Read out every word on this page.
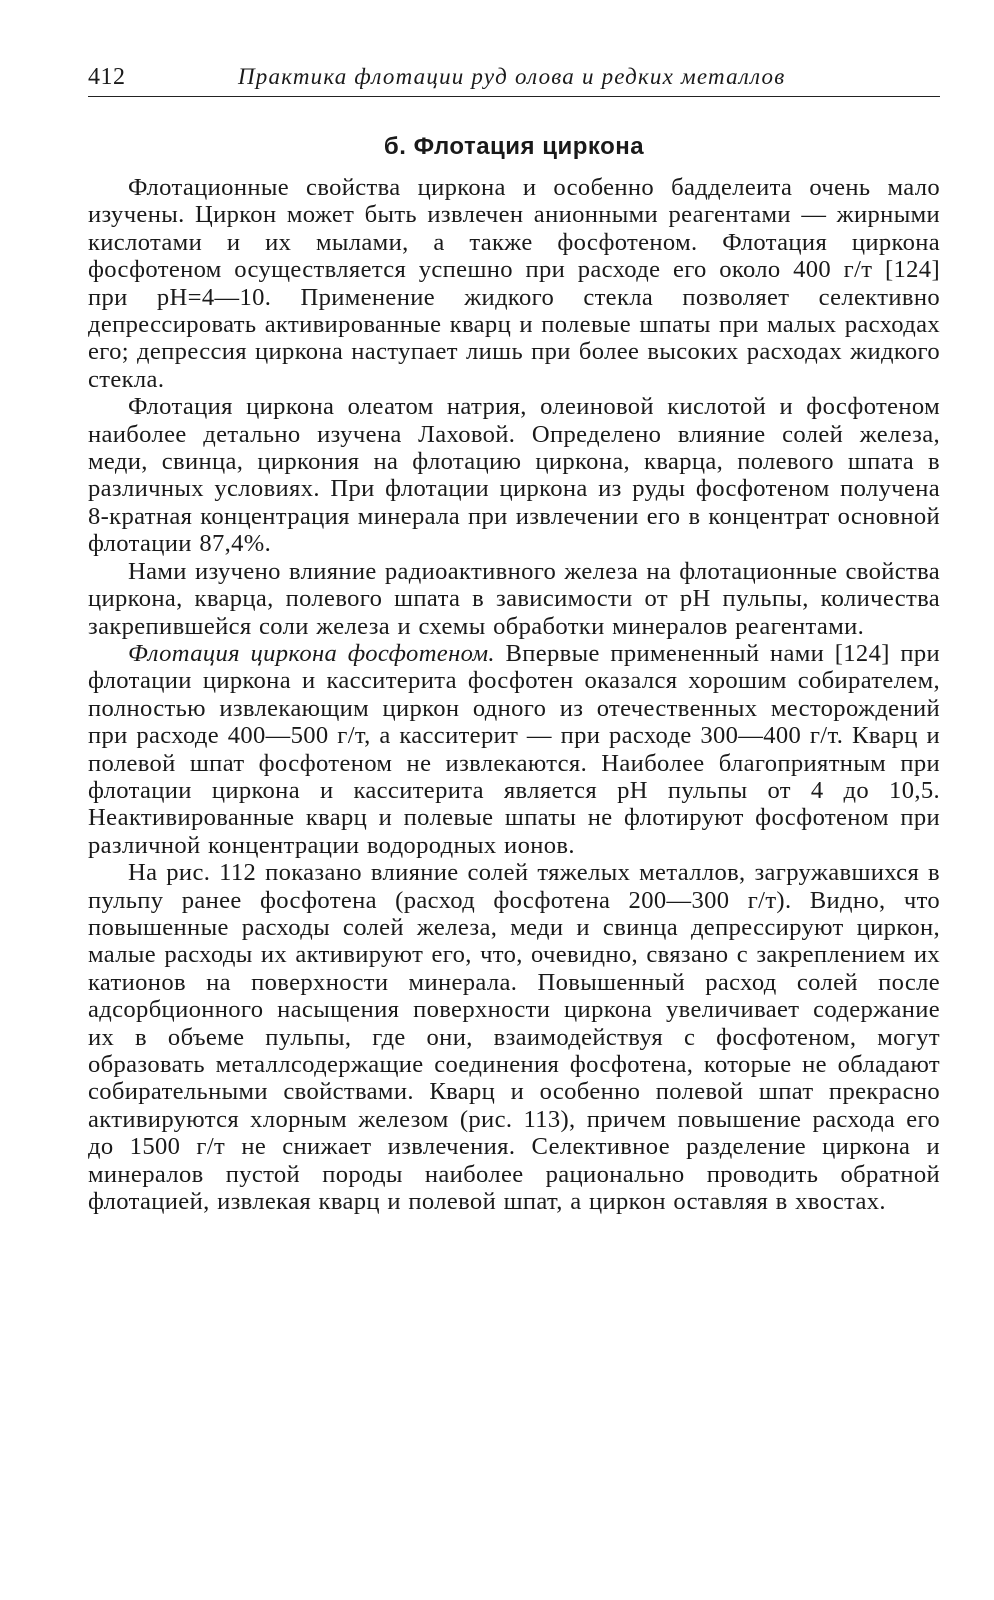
412	Практика флотации руд олова и редких металлов
б. Флотация циркона

Флотационные свойства циркона и особенно бадделеита очень мало изучены. Циркон может быть извлечен анионными реагентами — жирными кислотами и их мылами, а также фосфотеном. Флотация циркона фосфотеном осуществляется успешно при расходе его около 400 г/т [124] при pH=4—10. Применение жидкого стекла позволяет селективно депрессировать активированные кварц и полевые шпаты при малых расходах его; депрессия циркона наступает лишь при более высоких расходах жидкого стекла.

Флотация циркона олеатом натрия, олеиновой кислотой и фосфотеном наиболее детально изучена Лаховой. Определено влияние солей железа, меди, свинца, циркония на флотацию циркона, кварца, полевого шпата в различных условиях. При флотации циркона из руды фосфотеном получена 8-кратная концентрация минерала при извлечении его в концентрат основной флотации 87,4%.

Нами изучено влияние радиоактивного железа на флотационные свойства циркона, кварца, полевого шпата в зависимости от pH пульпы, количества закрепившейся соли железа и схемы обработки минералов реагентами.

Флотация циркона фосфотеном. Впервые примененный нами [124] при флотации циркона и касситерита фосфотен оказался хорошим собирателем, полностью извлекающим циркон одного из отечественных месторождений при расходе 400—500 г/т, а касситерит — при расходе 300—400 г/т. Кварц и полевой шпат фосфотеном не извлекаются. Наиболее благоприятным при флотации циркона и касситерита является pH пульпы от 4 до 10,5. Неактивированные кварц и полевые шпаты не флотируют фосфотеном при различной концентрации водородных ионов.

На рис. 112 показано влияние солей тяжелых металлов, загружавшихся в пульпу ранее фосфотена (расход фосфотена 200—300 г/т). Видно, что повышенные расходы солей железа, меди и свинца депрессируют циркон, малые расходы их активируют его, что, очевидно, связано с закреплением их катионов на поверхности минерала. Повышенный расход солей после адсорбционного насыщения поверхности циркона увеличивает содержание их в объеме пульпы, где они, взаимодействуя с фосфотеном, могут образовать металлсодержащие соединения фосфотена, которые не обладают собирательными свойствами. Кварц и особенно полевой шпат прекрасно активируются хлорным железом (рис. 113), причем повышение расхода его до 1500 г/т не снижает извлечения. Селективное разделение циркона и минералов пустой породы наиболее рационально проводить обратной флотацией, извлекая кварц и полевой шпат, а циркон оставляя в хвостах.
